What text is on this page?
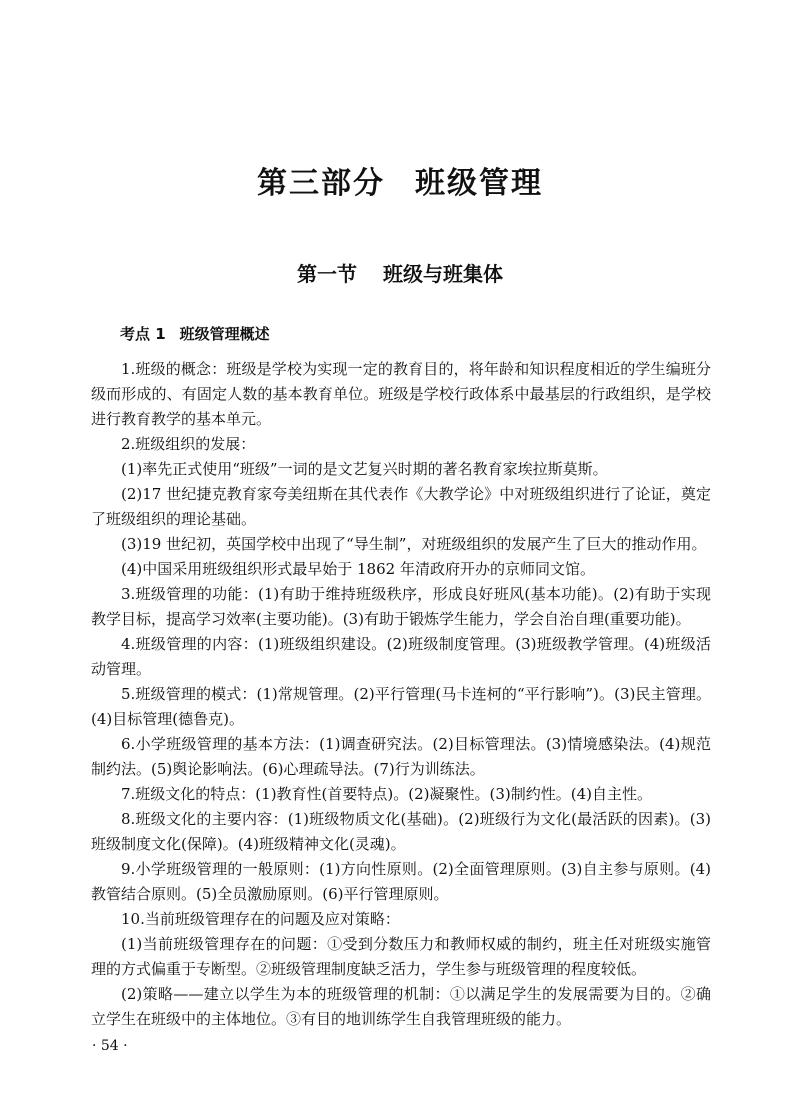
第三部分 班级管理
第一节 班级与班集体
考点 1 班级管理概述

1.班级的概念：班级是学校为实现一定的教育目的，将年龄和知识程度相近的学生编班分级而形成的、有固定人数的基本教育单位。班级是学校行政体系中最基层的行政组织，是学校进行教育教学的基本单元。

2.班级组织的发展：

(1)率先正式使用“班级”一词的是文艺复兴时期的著名教育家埃拉斯莫斯。

(2)17 世纪捷克教育家夸美纽斯在其代表作《大教学论》中对班级组织进行了论证，奠定了班级组织的理论基础。

(3)19 世纪初，英国学校中出现了“导生制”，对班级组织的发展产生了巨大的推动作用。

(4)中国采用班级组织形式最早始于 1862 年清政府开办的京师同文馆。

3.班级管理的功能：(1)有助于维持班级秩序，形成良好班风(基本功能)。(2)有助于实现教学目标，提高学习效率(主要功能)。(3)有助于锻炼学生能力，学会自治自理(重要功能)。

4.班级管理的内容：(1)班级组织建设。(2)班级制度管理。(3)班级教学管理。(4)班级活动管理。

5.班级管理的模式：(1)常规管理。(2)平行管理(马卡连柯的“平行影响”)。(3)民主管理。(4)目标管理(德鲁克)。

6.小学班级管理的基本方法：(1)调查研究法。(2)目标管理法。(3)情境感染法。(4)规范制约法。(5)舆论影响法。(6)心理疏导法。(7)行为训练法。

7.班级文化的特点：(1)教育性(首要特点)。(2)凝聚性。(3)制约性。(4)自主性。

8.班级文化的主要内容：(1)班级物质文化(基础)。(2)班级行为文化(最活跃的因素)。(3)班级制度文化(保障)。(4)班级精神文化(灵魂)。

9.小学班级管理的一般原则：(1)方向性原则。(2)全面管理原则。(3)自主参与原则。(4)教管结合原则。(5)全员激励原则。(6)平行管理原则。

10.当前班级管理存在的问题及应对策略：

(1)当前班级管理存在的问题：①受到分数压力和教师权威的制约，班主任对班级实施管理的方式偏重于专断型。②班级管理制度缺乏活力，学生参与班级管理的程度较低。

(2)策略——建立以学生为本的班级管理的机制：①以满足学生的发展需要为目的。②确立学生在班级中的主体地位。③有目的地训练学生自我管理班级的能力。

· 54 ·
